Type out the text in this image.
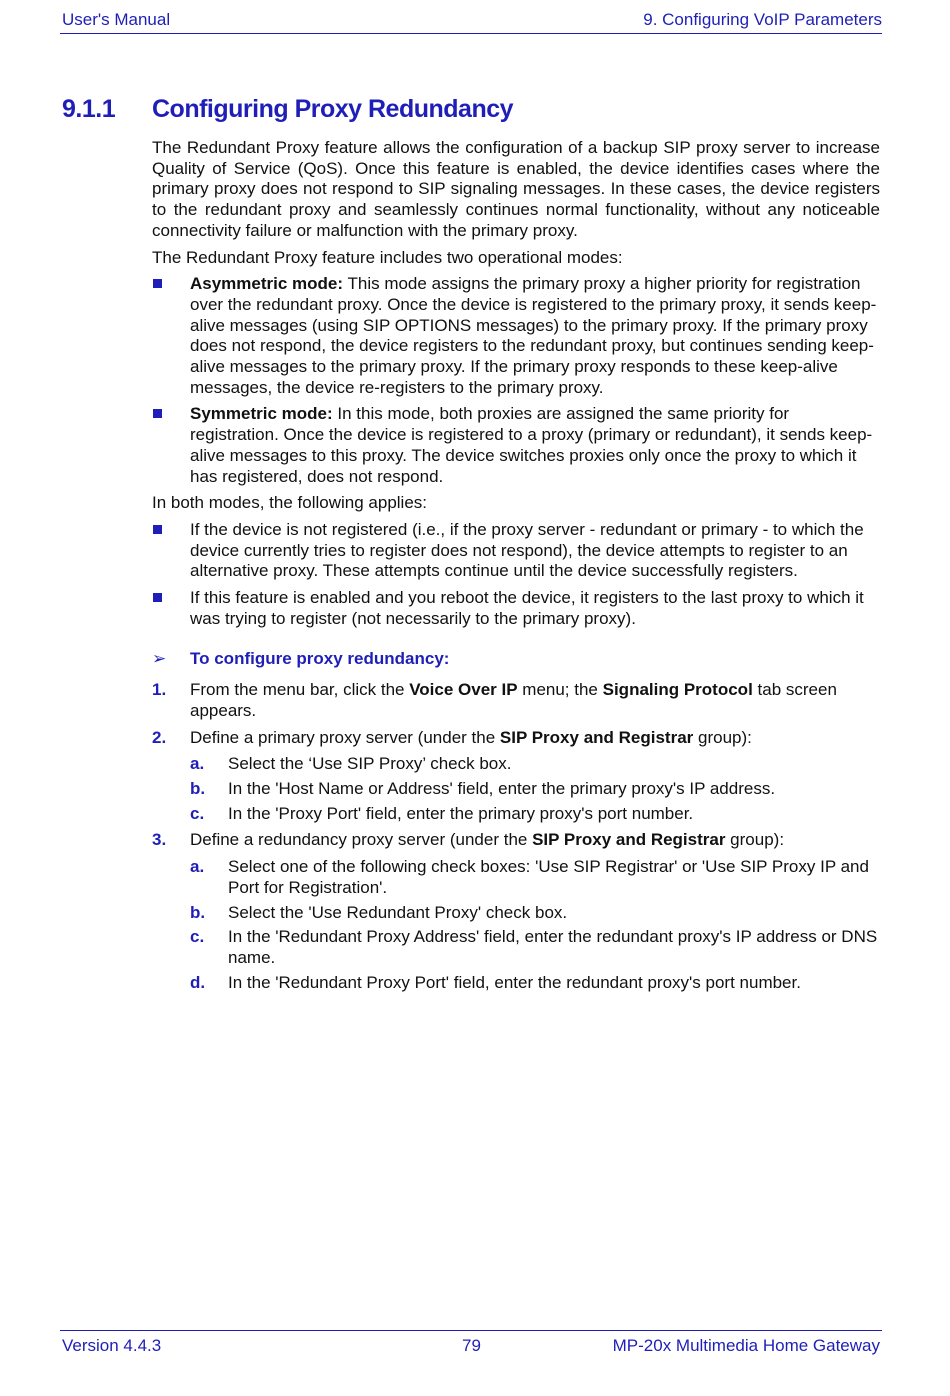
User's Manual	9. Configuring VoIP Parameters
9.1.1 Configuring Proxy Redundancy

The Redundant Proxy feature allows the configuration of a backup SIP proxy server to increase Quality of Service (QoS). Once this feature is enabled, the device identifies cases where the primary proxy does not respond to SIP signaling messages. In these cases, the device registers to the redundant proxy and seamlessly continues normal functionality, without any noticeable connectivity failure or malfunction with the primary proxy.

The Redundant Proxy feature includes two operational modes:

Asymmetric mode: This mode assigns the primary proxy a higher priority for registration over the redundant proxy. Once the device is registered to the primary proxy, it sends keep-alive messages (using SIP OPTIONS messages) to the primary proxy. If the primary proxy does not respond, the device registers to the redundant proxy, but continues sending keep-alive messages to the primary proxy. If the primary proxy responds to these keep-alive messages, the device re-registers to the primary proxy.
Symmetric mode: In this mode, both proxies are assigned the same priority for registration. Once the device is registered to a proxy (primary or redundant), it sends keep-alive messages to this proxy. The device switches proxies only once the proxy to which it has registered, does not respond.

In both modes, the following applies:

If the device is not registered (i.e., if the proxy server - redundant or primary - to which the device currently tries to register does not respond), the device attempts to register to an alternative proxy. These attempts continue until the device successfully registers.
If this feature is enabled and you reboot the device, it registers to the last proxy to which it was trying to register (not necessarily to the primary proxy).
➢ To configure proxy redundancy:
1. From the menu bar, click the Voice Over IP menu; the Signaling Protocol tab screen appears.
2. Define a primary proxy server (under the SIP Proxy and Registrar group):
a. Select the ‘Use SIP Proxy’ check box.
b. In the 'Host Name or Address' field, enter the primary proxy's IP address.
c. In the 'Proxy Port' field, enter the primary proxy's port number.
3. Define a redundancy proxy server (under the SIP Proxy and Registrar group):
a. Select one of the following check boxes: 'Use SIP Registrar' or 'Use SIP Proxy IP and Port for Registration'.
b. Select the 'Use Redundant Proxy' check box.
c. In the 'Redundant Proxy Address' field, enter the redundant proxy's IP address or DNS name.
d. In the 'Redundant Proxy Port' field, enter the redundant proxy's port number.
Version 4.4.3	79	MP-20x Multimedia Home Gateway
